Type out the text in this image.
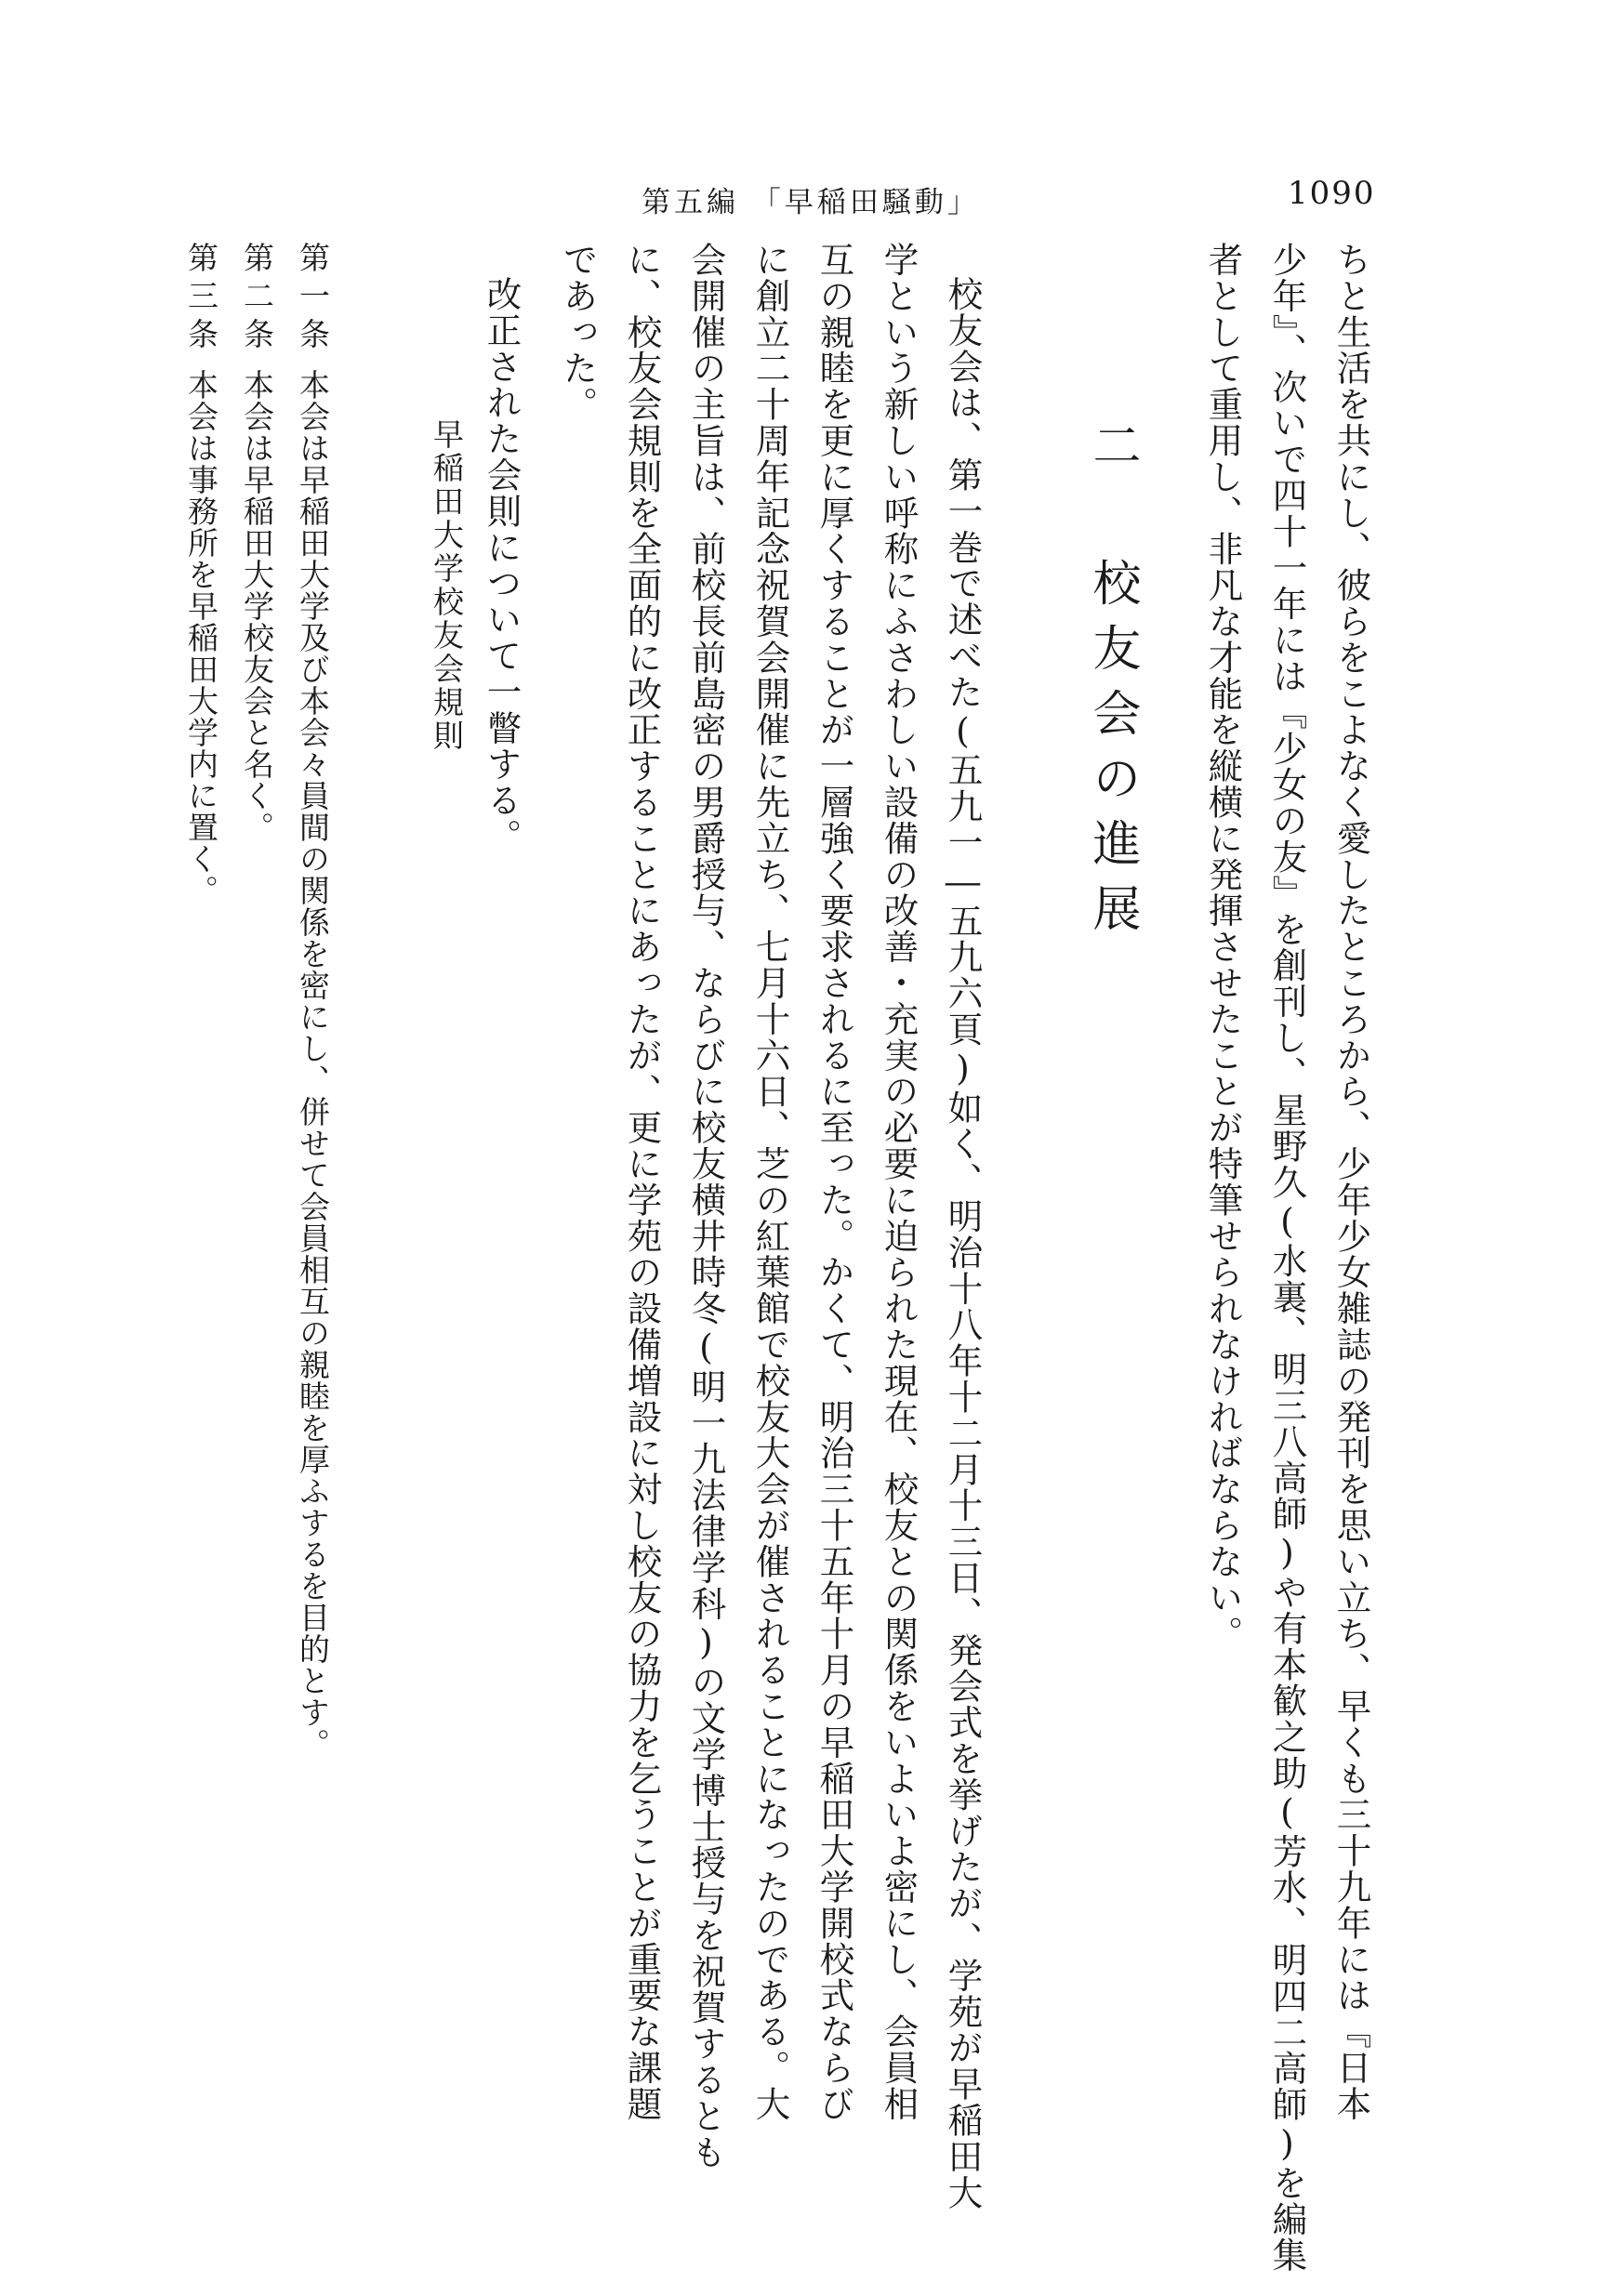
第五編 「早稲田騒動」	1090
ちと生活を共にし、彼らをこよなく愛したところから、少年少女雑誌の発刊を思い立ち、早くも三十九年には『日本
少年』、次いで四十一年には『少女の友』を創刊し、星野久(水裏、明三八高師)や有本歓之助(芳水、明四二高師)を編集
者として重用し、非凡な才能を縦横に発揮させたことが特筆せられなければならない。
二 校友会の進展
校友会は、第一巻で述べた(五九一―五九六頁)如く、明治十八年十二月十三日、発会式を挙げたが、学苑が早稲田大
学という新しい呼称にふさわしい設備の改善・充実の必要に迫られた現在、校友との関係をいよいよ密にし、会員相
互の親睦を更に厚くすることが一層強く要求されるに至った。かくて、明治三十五年十月の早稲田大学開校式ならび
に創立二十周年記念祝賀会開催に先立ち、七月十六日、芝の紅葉館で校友大会が催されることになったのである。大
会開催の主旨は、前校長前島密の男爵授与、ならびに校友横井時冬(明一九法律学科)の文学博士授与を祝賀するとも
に、校友会規則を全面的に改正することにあったが、更に学苑の設備増設に対し校友の協力を乞うことが重要な課題
であった。
改正された会則について一瞥する。
早稲田大学校友会規則
第一条本会は早稲田大学及び本会々員間の関係を密にし、併せて会員相互の親睦を厚ふするを目的とす。
第二条本会は早稲田大学校友会と名く。
第三条本会は事務所を早稲田大学内に置く。
